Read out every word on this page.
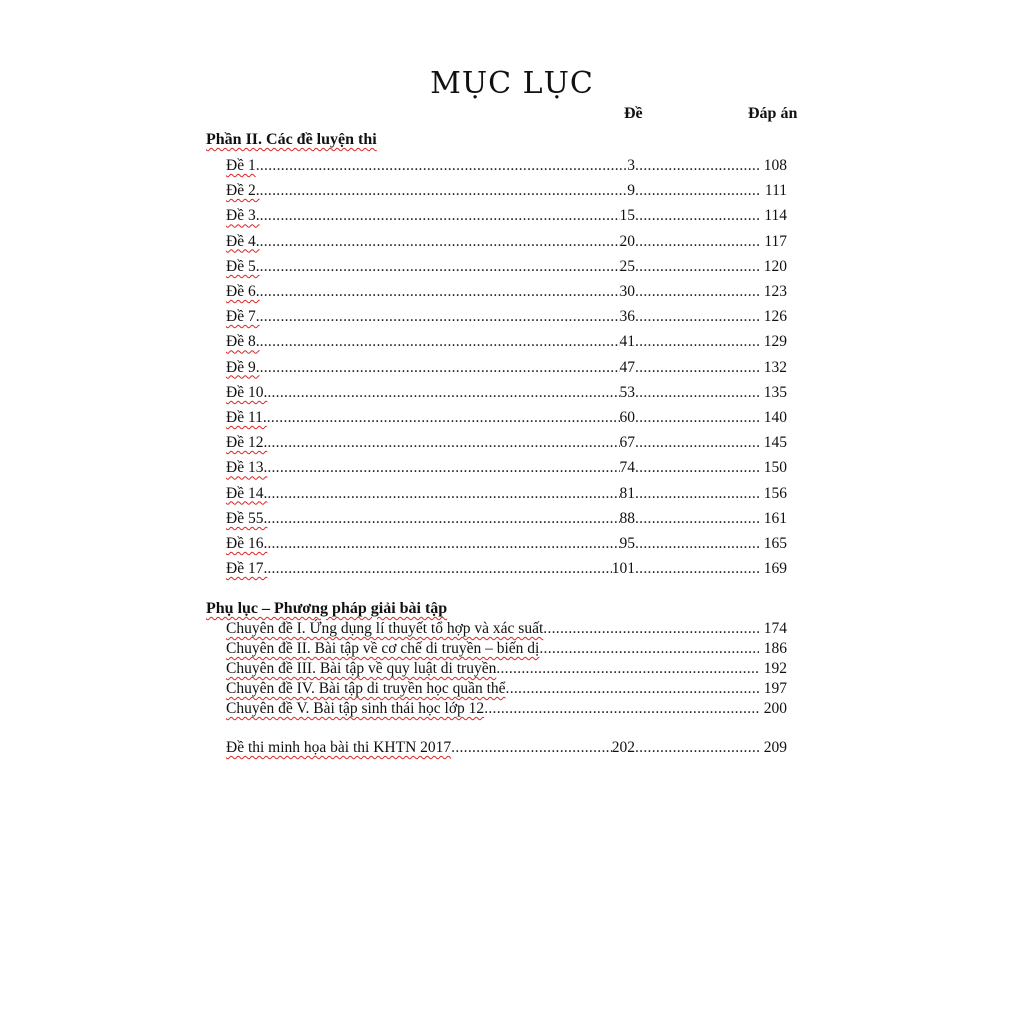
MỤC LỤC
Đề	Đáp án
Phần II. Các đề luyện thi
Đề 1 .....	3 .....	108
Đề 2. .....	9 .....	111
Đề 3. .....	15 .....	114
Đề 4. .....	20 .....	117
Đề 5. .....	25 .....	120
Đề 6. .....	30 .....	123
Đề 7. .....	36 .....	126
Đề 8. .....	41 .....	129
Đề 9. .....	47 .....	132
Đề 10. .....	53 .....	135
Đề 11. .....	60 .....	140
Đề 12. .....	67 .....	145
Đề 13. .....	74 .....	150
Đề 14. .....	81 .....	156
Đề 55. .....	88 .....	161
Đề 16. .....	95 .....	165
Đề 17. .....	101 .....	169
Phụ lục – Phương pháp giải bài tập
Chuyên đề I. Ứng dụng lí thuyết tổ hợp và xác suất .....	174
Chuyên đề II. Bài tập về cơ chế di truyền – biến dị .....	186
Chuyên đề III. Bài tập về quy luật di truyền .....	192
Chuyên đề IV. Bài tập di truyền học quần thể .....	197
Chuyên đề V. Bài tập sinh thái học lớp 12 .....	200
Đề thi minh họa bài thi KHTN 2017 .....	202 .....	209
